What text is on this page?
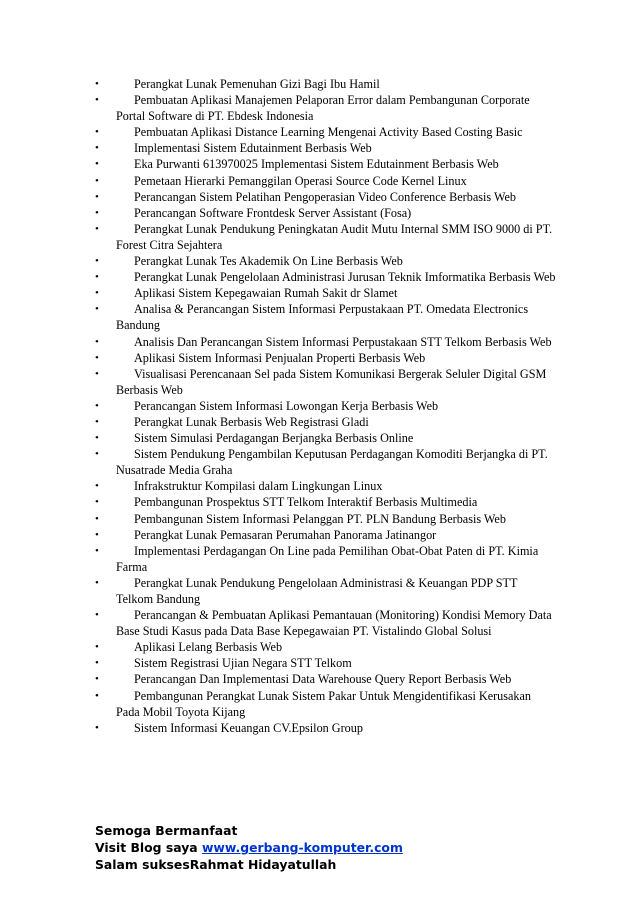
•	Perangkat Lunak Pemenuhan Gizi Bagi Ibu Hamil
•	Pembuatan Aplikasi Manajemen Pelaporan Error dalam Pembangunan Corporate Portal Software di PT. Ebdesk Indonesia
•	Pembuatan Aplikasi Distance Learning Mengenai Activity Based Costing Basic
•	Implementasi Sistem Edutainment Berbasis Web
•	Eka Purwanti 613970025 Implementasi Sistem Edutainment Berbasis Web
•	Pemetaan Hierarki Pemanggilan Operasi Source Code Kernel Linux
•	Perancangan Sistem Pelatihan Pengoperasian Video Conference Berbasis Web
•	Perancangan Software Frontdesk Server Assistant (Fosa)
•	Perangkat Lunak Pendukung Peningkatan Audit Mutu Internal SMM ISO 9000 di PT. Forest Citra Sejahtera
•	Perangkat Lunak Tes Akademik On Line Berbasis Web
•	Perangkat Lunak Pengelolaan Administrasi Jurusan Teknik Imformatika Berbasis Web
•	Aplikasi Sistem Kepegawaian Rumah Sakit dr Slamet
•	Analisa & Perancangan Sistem Informasi Perpustakaan PT. Omedata Electronics Bandung
•	Analisis Dan Perancangan Sistem Informasi Perpustakaan STT Telkom Berbasis Web
•	Aplikasi Sistem Informasi Penjualan Properti Berbasis Web
•	Visualisasi Perencanaan Sel pada Sistem Komunikasi Bergerak Seluler Digital GSM Berbasis Web
•	Perancangan Sistem Informasi Lowongan Kerja Berbasis Web
•	Perangkat Lunak Berbasis Web Registrasi Gladi
•	Sistem Simulasi Perdagangan Berjangka Berbasis Online
•	Sistem Pendukung Pengambilan Keputusan Perdagangan Komoditi Berjangka di PT. Nusatrade Media Graha
•	Infrakstruktur Kompilasi dalam Lingkungan Linux
•	Pembangunan Prospektus STT Telkom Interaktif Berbasis Multimedia
•	Pembangunan Sistem Informasi Pelanggan PT. PLN Bandung Berbasis Web
•	Perangkat Lunak Pemasaran Perumahan Panorama Jatinangor
•	Implementasi Perdagangan On Line pada Pemilihan Obat-Obat Paten di PT. Kimia Farma
•	Perangkat Lunak Pendukung Pengelolaan Administrasi & Keuangan PDP STT Telkom Bandung
•	Perancangan & Pembuatan Aplikasi Pemantauan (Monitoring) Kondisi Memory Data Base Studi Kasus pada Data Base Kepegawaian PT. Vistalindo Global Solusi
•	Aplikasi Lelang Berbasis Web
•	Sistem Registrasi Ujian Negara STT Telkom
•	Perancangan Dan Implementasi Data Warehouse Query Report Berbasis Web
•	Pembangunan Perangkat Lunak Sistem Pakar Untuk Mengidentifikasi Kerusakan Pada Mobil Toyota Kijang
•	Sistem Informasi Keuangan CV.Epsilon Group
Semoga Bermanfaat
Visit Blog saya www.gerbang-komputer.com
Salam suksesRahmat Hidayatullah
